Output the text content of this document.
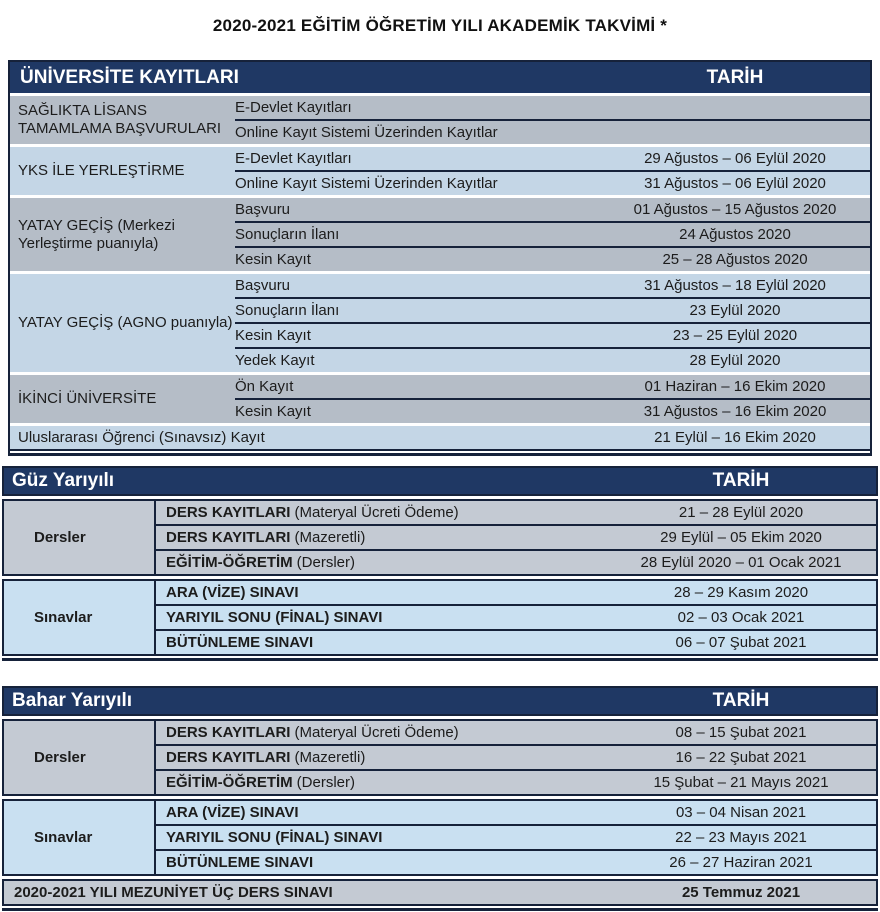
2020-2021 EĞİTİM ÖĞRETİM YILI AKADEMİK TAKVİMİ *
ÜNİVERSİTE KAYITLARI	TARİH
SAĞLIKTA LİSANS TAMAMLAMA BAŞVURULARI
E-Devlet Kayıtları
Online Kayıt Sistemi Üzerinden Kayıtlar
YKS İLE YERLEŞTİRME
E-Devlet Kayıtları	29 Ağustos – 06 Eylül 2020
Online Kayıt Sistemi Üzerinden Kayıtlar	31 Ağustos – 06 Eylül 2020
YATAY GEÇİŞ (Merkezi Yerleştirme puanıyla)
Başvuru	01 Ağustos – 15 Ağustos 2020
Sonuçların İlanı	24 Ağustos 2020
Kesin Kayıt	25 – 28 Ağustos 2020
YATAY GEÇİŞ (AGNO puanıyla)
Başvuru	31 Ağustos – 18 Eylül 2020
Sonuçların İlanı	23 Eylül 2020
Kesin Kayıt	23 – 25 Eylül 2020
Yedek Kayıt	28 Eylül 2020
İKİNCİ ÜNİVERSİTE
Ön Kayıt	01 Haziran – 16 Ekim 2020
Kesin Kayıt	31 Ağustos – 16 Ekim 2020
Uluslararası Öğrenci (Sınavsız) Kayıt	21 Eylül – 16 Ekim 2020
Güz Yarıyılı	TARİH
Dersler
DERS KAYITLARI (Materyal Ücreti Ödeme)	21 – 28 Eylül 2020
DERS KAYITLARI (Mazeretli)	29 Eylül – 05 Ekim 2020
EĞİTİM-ÖĞRETİM (Dersler)	28 Eylül 2020 – 01 Ocak 2021
Sınavlar
ARA (VİZE) SINAVI	28 – 29 Kasım 2020
YARIYIL SONU (FİNAL) SINAVI	02 – 03 Ocak 2021
BÜTÜNLEME SINAVI	06 – 07 Şubat 2021
Bahar Yarıyılı	TARİH
Dersler
DERS KAYITLARI (Materyal Ücreti Ödeme)	08 – 15 Şubat 2021
DERS KAYITLARI (Mazeretli)	16 – 22 Şubat 2021
EĞİTİM-ÖĞRETİM (Dersler)	15 Şubat – 21 Mayıs 2021
Sınavlar
ARA (VİZE) SINAVI	03 – 04 Nisan 2021
YARIYIL SONU (FİNAL) SINAVI	22 – 23 Mayıs 2021
BÜTÜNLEME SINAVI	26 – 27 Haziran 2021
2020-2021 YILI MEZUNİYET ÜÇ DERS SINAVI	25 Temmuz 2021
